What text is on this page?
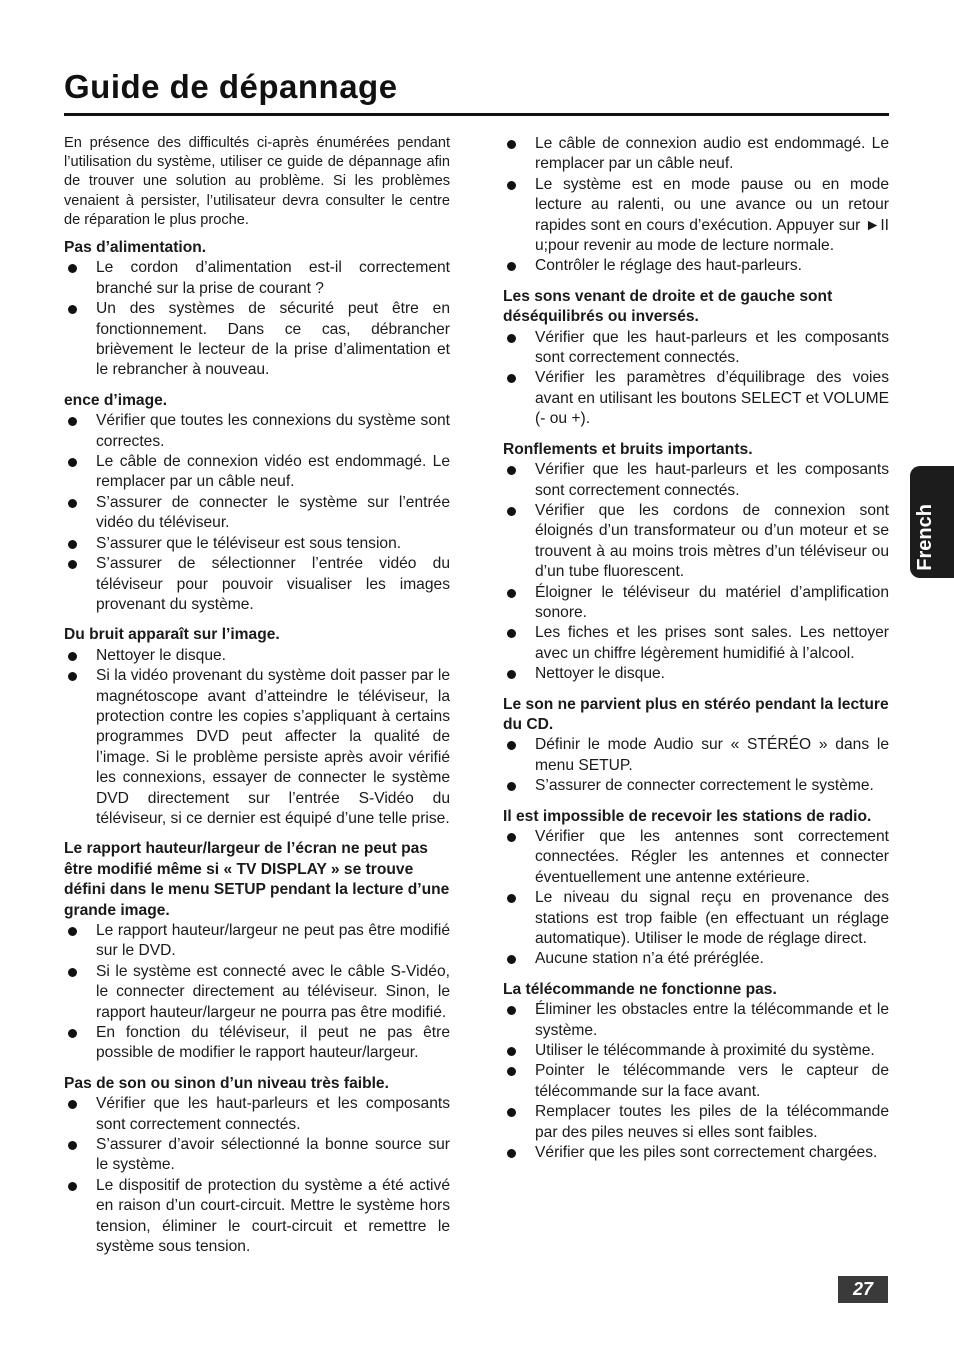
Guide de dépannage

En présence des difficultés ci-après énumérées pendant l’utilisation du système, utiliser ce guide de dépannage afin de trouver une solution au problème. Si les problèmes venaient à persister, l’utilisateur devra consulter le centre de réparation le plus proche.

Pas d’alimentation.

Le cordon d’alimentation est-il correctement branché sur la prise de courant ?
Un des systèmes de sécurité peut être en fonctionnement. Dans ce cas, débrancher brièvement le lecteur de la prise d’alimentation et le rebrancher à nouveau.

ence d’image.

Vérifier que toutes les connexions du système sont correctes.
Le câble de connexion vidéo est endommagé. Le remplacer par un câble neuf.
S’assurer de connecter le système sur l’entrée vidéo du téléviseur.
S’assurer que le téléviseur est sous tension.
S’assurer de sélectionner l’entrée vidéo du téléviseur pour pouvoir visualiser les images provenant du système.

Du bruit apparaît sur l’image.

Nettoyer le disque.
Si la vidéo provenant du système doit passer par le magnétoscope avant d’atteindre le téléviseur, la protection contre les copies s’appliquant à certains programmes DVD peut affecter la qualité de l’image. Si le problème persiste après avoir vérifié les connexions, essayer de connecter le système DVD directement sur l’entrée S-Vidéo du téléviseur, si ce dernier est équipé d’une telle prise.

Le rapport hauteur/largeur de l’écran ne peut pas être modifié même si « TV DISPLAY » se trouve défini dans le menu SETUP pendant la lecture d’une grande image.

Le rapport hauteur/largeur ne peut pas être modifié sur le DVD.
Si le système est connecté avec le câble S-Vidéo, le connecter directement au téléviseur. Sinon, le rapport hauteur/largeur ne pourra pas être modifié.
En fonction du téléviseur, il peut ne pas être possible de modifier le rapport hauteur/largeur.

Pas de son ou sinon d’un niveau très faible.

Vérifier que les haut-parleurs et les composants sont correctement connectés.
S’assurer d’avoir sélectionné la bonne source sur le système.
Le dispositif de protection du système a été activé en raison d’un court-circuit. Mettre le système hors tension, éliminer le court-circuit et remettre le système sous tension.
Le câble de connexion audio est endommagé. Le remplacer par un câble neuf.
Le système est en mode pause ou en mode lecture au ralenti, ou une avance ou un retour rapides sont en cours d’exécution. Appuyer sur ►II u;pour revenir au mode de lecture normale.
Contrôler le réglage des haut-parleurs.

Les sons venant de droite et de gauche sont déséquilibrés ou inversés.

Vérifier que les haut-parleurs et les composants sont correctement connectés.
Vérifier les paramètres d’équilibrage des voies avant en utilisant les boutons SELECT et VOLUME (- ou +).

Ronflements et bruits importants.

Vérifier que les haut-parleurs et les composants sont correctement connectés.
Vérifier que les cordons de connexion sont éloignés d’un transformateur ou d’un moteur et se trouvent à au moins trois mètres d’un téléviseur ou d’un tube fluorescent.
Éloigner le téléviseur du matériel d’amplification sonore.
Les fiches et les prises sont sales. Les nettoyer avec un chiffre légèrement humidifié à l’alcool.
Nettoyer le disque.

Le son ne parvient plus en stéréo pendant la lecture du CD.

Définir le mode Audio sur « STÉRÉO » dans le menu SETUP.
S’assurer de connecter correctement le système.

Il est impossible de recevoir les stations de radio.

Vérifier que les antennes sont correctement connectées. Régler les antennes et connecter éventuellement une antenne extérieure.
Le niveau du signal reçu en provenance des stations est trop faible (en effectuant un réglage automatique). Utiliser le mode de réglage direct.
Aucune station n’a été préréglée.

La télécommande ne fonctionne pas.

Éliminer les obstacles entre la télécommande et le système.
Utiliser le télécommande à proximité du système.
Pointer le télécommande vers le capteur de télécommande sur la face avant.
Remplacer toutes les piles de la télécommande par des piles neuves si elles sont faibles.
Vérifier que les piles sont correctement chargées.
French
27
